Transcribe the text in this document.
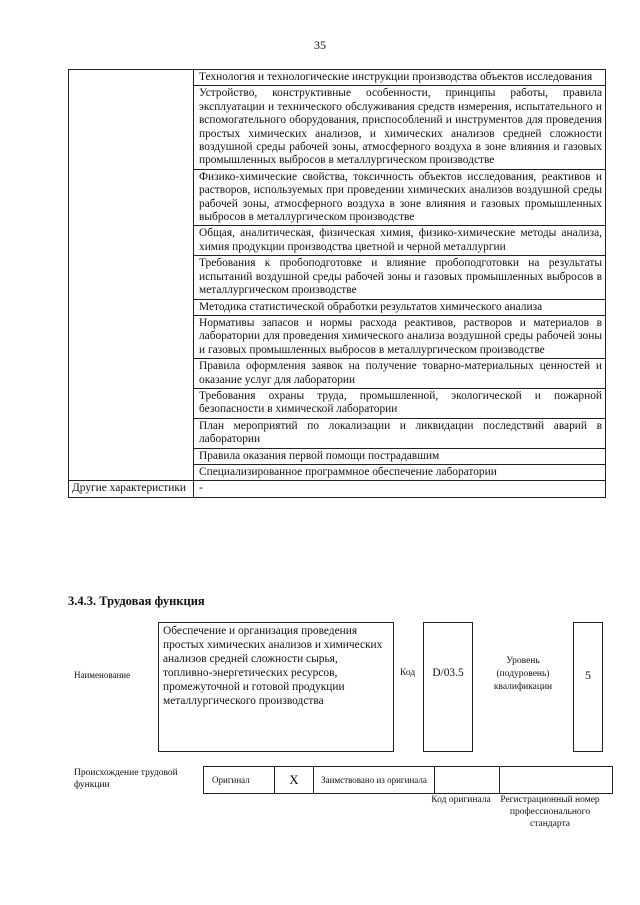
35
	Технология и технологические инструкции производства объектов исследования
	Устройство, конструктивные особенности, принципы работы, правила эксплуатации и технического обслуживания средств измерения, испытательного и вспомогательного оборудования, приспособлений и инструментов для проведения простых химических анализов, и химических анализов средней сложности воздушной среды рабочей зоны, атмосферного воздуха в зоне влияния и газовых промышленных выбросов в металлургическом производстве
	Физико-химические свойства, токсичность объектов исследования, реактивов и растворов, используемых при проведении химических анализов воздушной среды рабочей зоны, атмосферного воздуха в зоне влияния и газовых промышленных выбросов в металлургическом производстве
	Общая, аналитическая, физическая химия, физико-химические методы анализа, химия продукции производства цветной и черной металлургии
	Требования к пробоподготовке и влияние пробоподготовки на результаты испытаний воздушной среды рабочей зоны и газовых промышленных выбросов в металлургическом производстве
	Методика статистической обработки результатов химического анализа
	Нормативы запасов и нормы расхода реактивов, растворов и материалов в лаборатории для проведения химического анализа воздушной среды рабочей зоны и газовых промышленных выбросов в металлургическом производстве
	Правила оформления заявок на получение товарно-материальных ценностей и оказание услуг для лаборатории
	Требования охраны труда, промышленной, экологической и пожарной безопасности в химической лаборатории
	План мероприятий по локализации и ликвидации последствий аварий в лаборатории
	Правила оказания первой помощи пострадавшим
	Специализированное программное обеспечение лаборатории
Другие характеристики	-
3.4.3. Трудовая функция
Наименование
Обеспечение и организация проведения простых химических анализов и химических анализов средней сложности сырья, топливно-энергетических ресурсов, промежуточной и готовой продукции металлургического производства
Код	D/03.5
Уровень (подуровень) квалификации
5
Происхождение трудовой функции	Оригинал	X	Заимствовано из оригинала		
Код оригинала	Регистрационный номер профессионального стандарта
